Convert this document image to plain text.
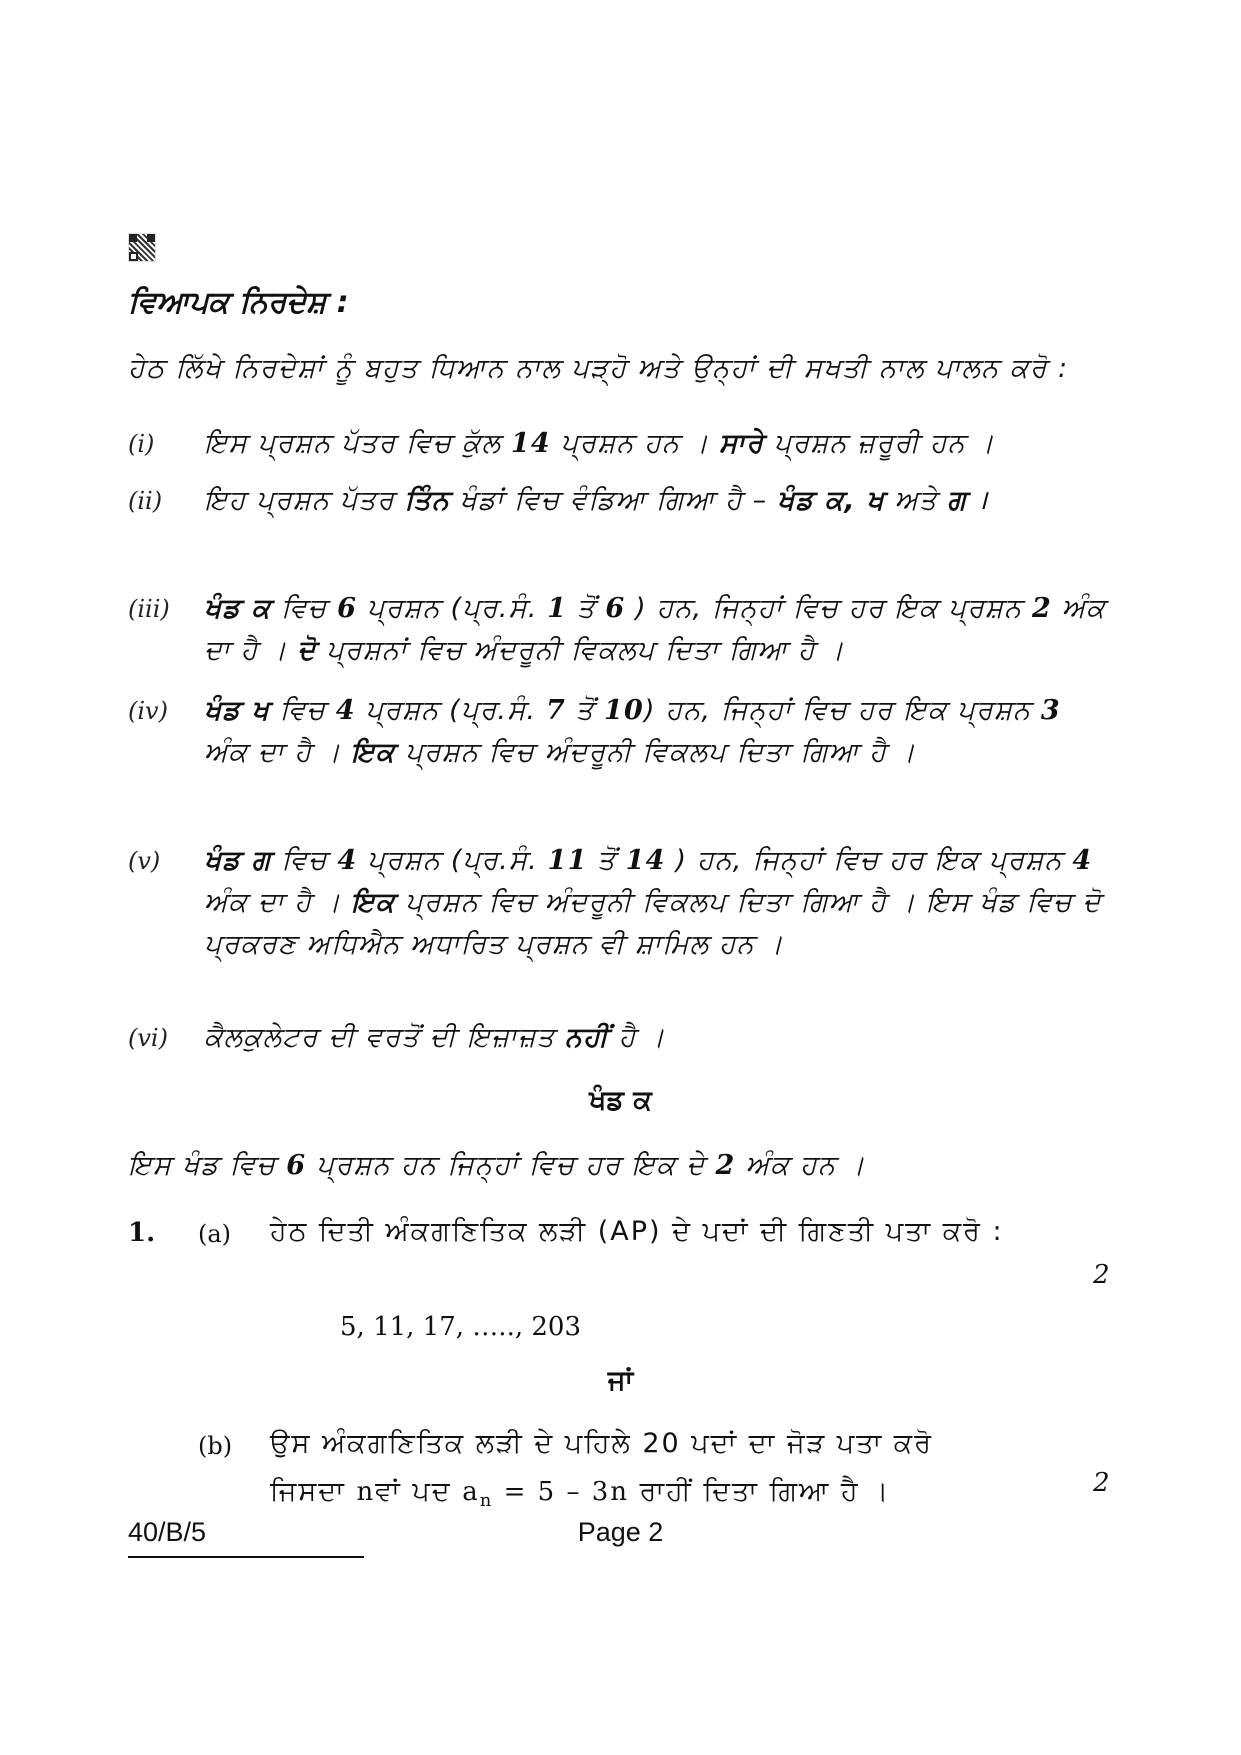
ਵਿਆਪਕ ਨਿਰਦੇਸ਼ :
ਹੇਠ ਲਿੱਖੇ ਨਿਰਦੇਸ਼ਾਂ ਨੂੰ ਬਹੁਤ ਧਿਆਨ ਨਾਲ ਪੜ੍ਹੋ ਅਤੇ ਉਨ੍ਹਾਂ ਦੀ ਸਖਤੀ ਨਾਲ ਪਾਲਨ ਕਰੋ :
(i)	ਇਸ ਪ੍ਰਸ਼ਨ ਪੱਤਰ ਵਿਚ ਕੁੱਲ 14 ਪ੍ਰਸ਼ਨ ਹਨ । ਸਾਰੇ ਪ੍ਰਸ਼ਨ ਜ਼ਰੂਰੀ ਹਨ ।
(ii)	ਇਹ ਪ੍ਰਸ਼ਨ ਪੱਤਰ ਤਿੰਨ ਖੰਡਾਂ ਵਿਚ ਵੰਡਿਆ ਗਿਆ ਹੈ – ਖੰਡ ਕ, ਖ ਅਤੇ ਗ ।
(iii)	ਖੰਡ ਕ ਵਿਚ 6 ਪ੍ਰਸ਼ਨ (ਪ੍ਰ.ਸੰ. 1 ਤੋਂ 6 ) ਹਨ, ਜਿਨ੍ਹਾਂ ਵਿਚ ਹਰ ਇਕ ਪ੍ਰਸ਼ਨ 2 ਅੰਕ ਦਾ ਹੈ । ਦੋ ਪ੍ਰਸ਼ਨਾਂ ਵਿਚ ਅੰਦਰੂਨੀ ਵਿਕਲਪ ਦਿਤਾ ਗਿਆ ਹੈ ।
(iv)	ਖੰਡ ਖ ਵਿਚ 4 ਪ੍ਰਸ਼ਨ (ਪ੍ਰ.ਸੰ. 7 ਤੋਂ 10) ਹਨ, ਜਿਨ੍ਹਾਂ ਵਿਚ ਹਰ ਇਕ ਪ੍ਰਸ਼ਨ 3 ਅੰਕ ਦਾ ਹੈ । ਇਕ ਪ੍ਰਸ਼ਨ ਵਿਚ ਅੰਦਰੂਨੀ ਵਿਕਲਪ ਦਿਤਾ ਗਿਆ ਹੈ ।
(v)	ਖੰਡ ਗ ਵਿਚ 4 ਪ੍ਰਸ਼ਨ (ਪ੍ਰ.ਸੰ. 11 ਤੋਂ 14 ) ਹਨ, ਜਿਨ੍ਹਾਂ ਵਿਚ ਹਰ ਇਕ ਪ੍ਰਸ਼ਨ 4 ਅੰਕ ਦਾ ਹੈ । ਇਕ ਪ੍ਰਸ਼ਨ ਵਿਚ ਅੰਦਰੂਨੀ ਵਿਕਲਪ ਦਿਤਾ ਗਿਆ ਹੈ । ਇਸ ਖੰਡ ਵਿਚ ਦੋ ਪ੍ਰਕਰਣ ਅਧਿਐਨ ਅਧਾਰਿਤ ਪ੍ਰਸ਼ਨ ਵੀ ਸ਼ਾਮਿਲ ਹਨ ।
(vi)	ਕੈਲਕੁਲੇਟਰ ਦੀ ਵਰਤੋਂ ਦੀ ਇਜ਼ਾਜ਼ਤ ਨਹੀਂ ਹੈ ।
ਖੰਡ ਕ
ਇਸ ਖੰਡ ਵਿਚ 6 ਪ੍ਰਸ਼ਨ ਹਨ ਜਿਨ੍ਹਾਂ ਵਿਚ ਹਰ ਇਕ ਦੇ 2 ਅੰਕ ਹਨ ।
1. (a) ਹੇਠ ਦਿਤੀ ਅੰਕਗਣਿਤਿਕ ਲੜੀ (AP) ਦੇ ਪਦਾਂ ਦੀ ਗਿਣਤੀ ਪਤਾ ਕਰੋ :
2
5, 11, 17, ….., 203
ਜਾਂ
(b) ਉਸ ਅੰਕਗਣਿਤਿਕ ਲੜੀ ਦੇ ਪਹਿਲੇ 20 ਪਦਾਂ ਦਾ ਜੋੜ ਪਤਾ ਕਰੋ
ਜਿਸਦਾ nਵਾਂ ਪਦ $a_n = 5 - 3n$ ਰਾਹੀਂ ਦਿਤਾ ਗਿਆ ਹੈ ।	2
40/B/5	Page 2
